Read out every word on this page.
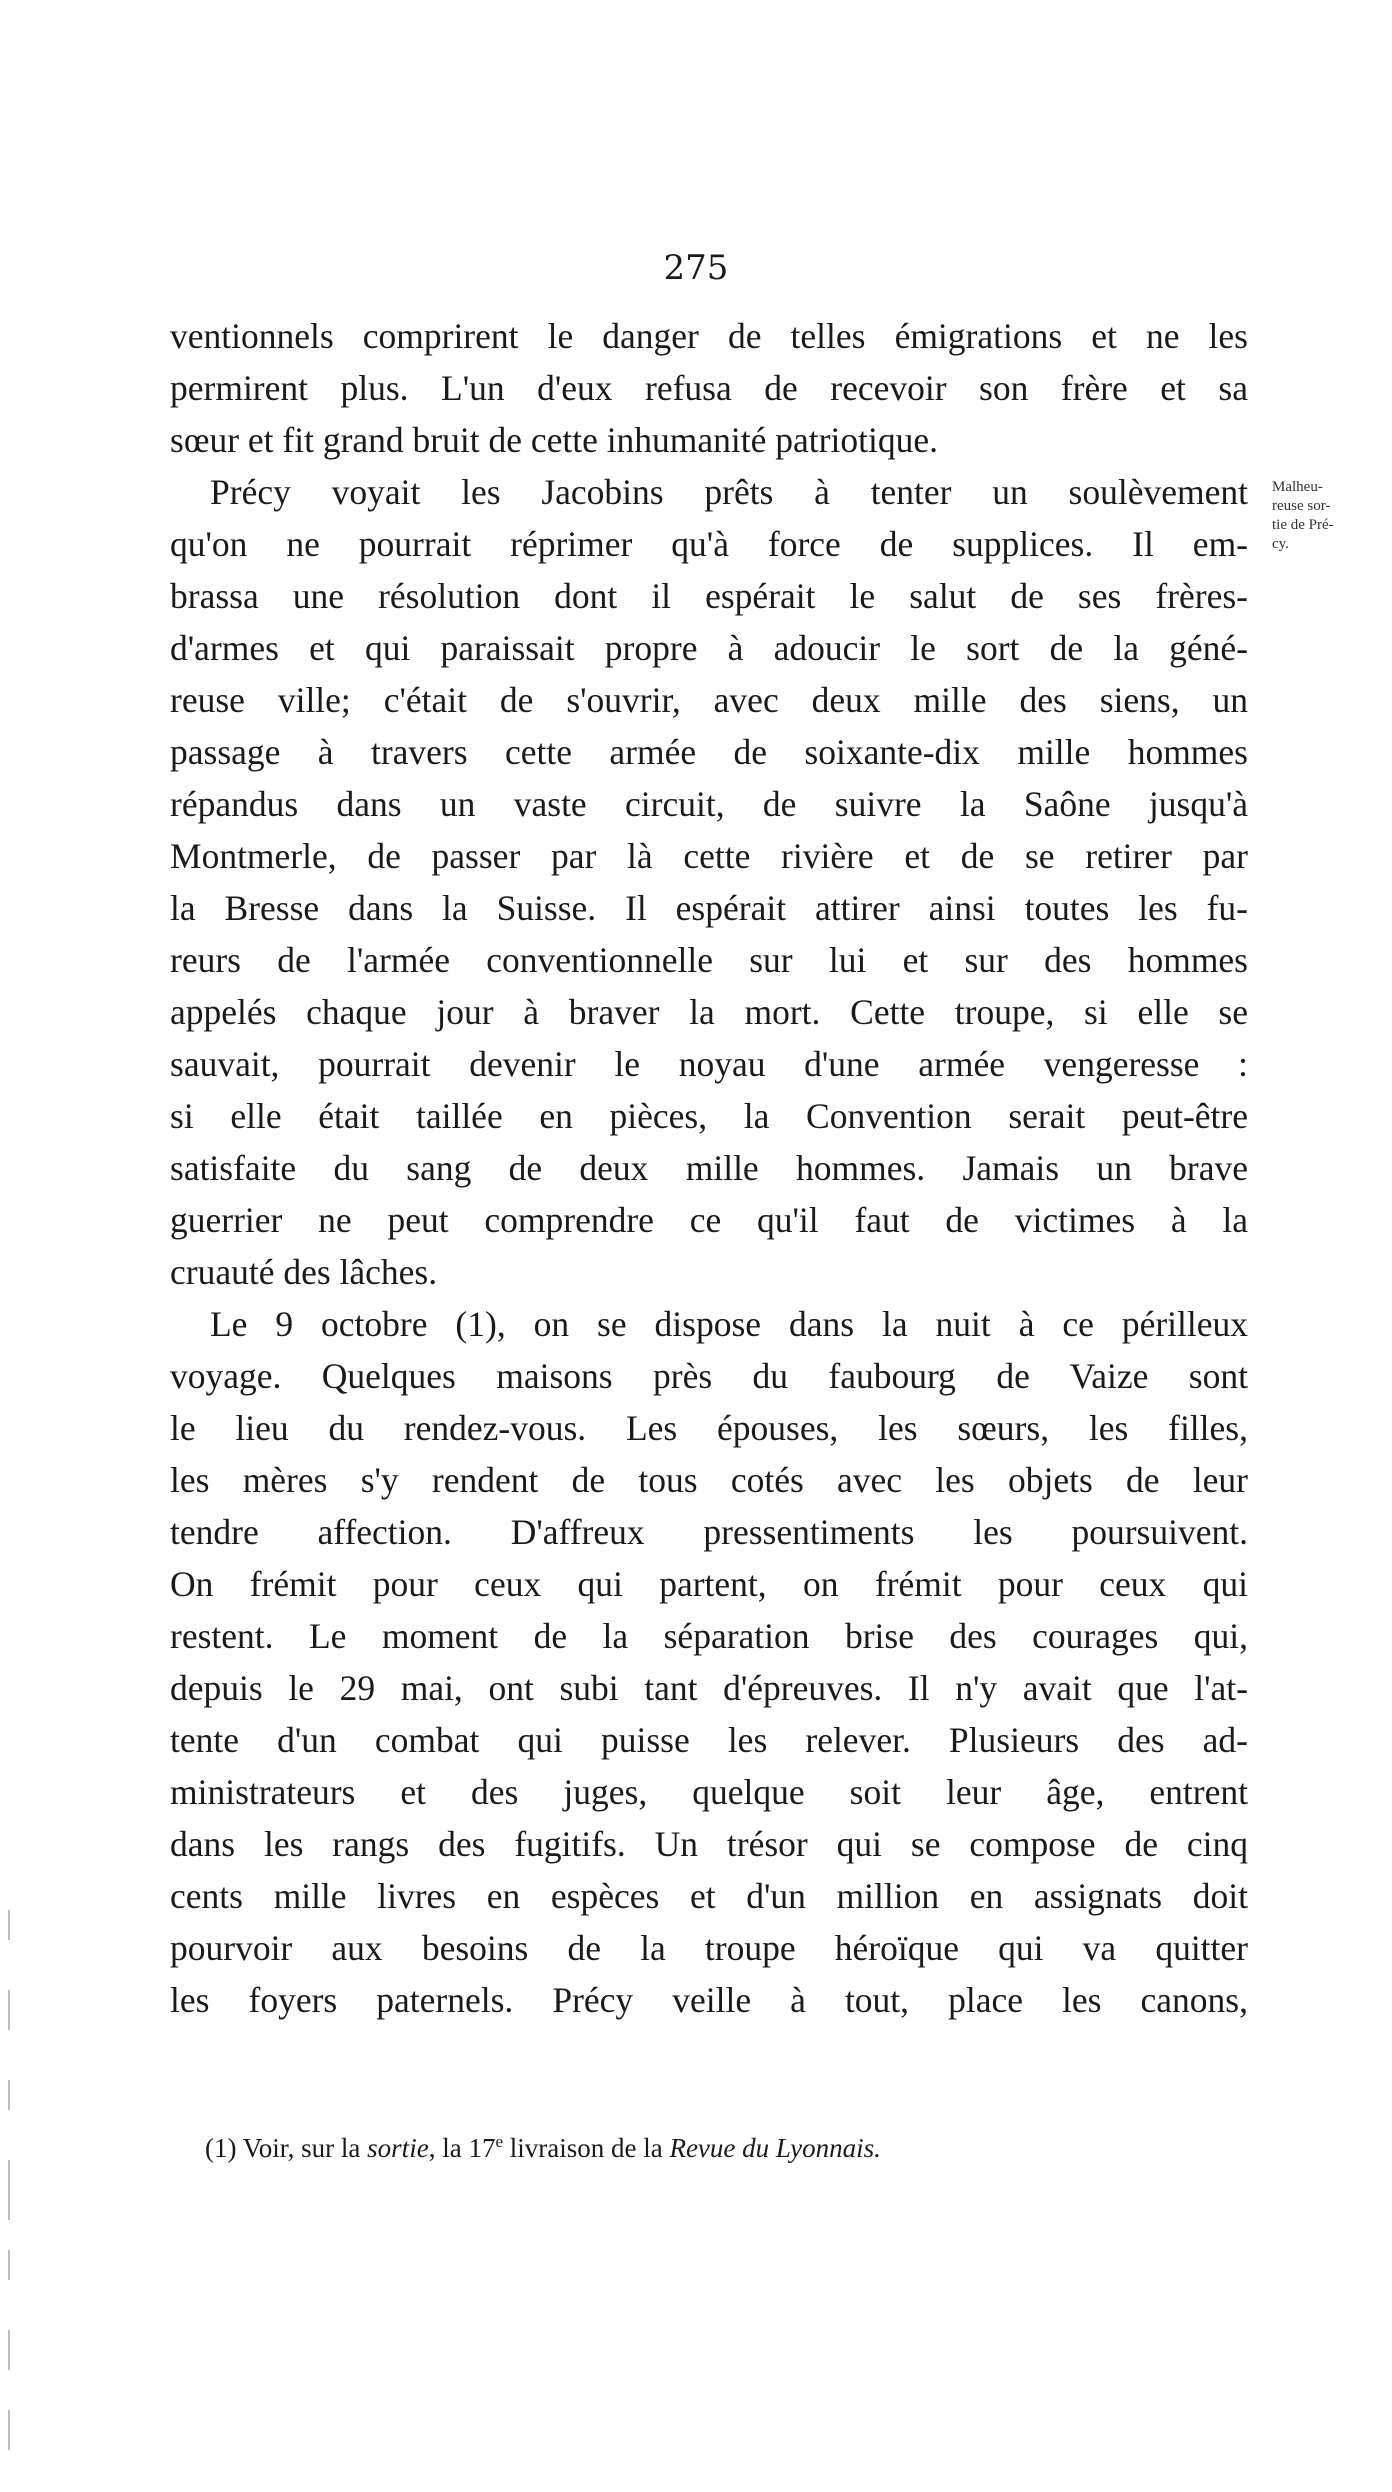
275
Malheu-
reuse sor-
tie de Pré-
cy.
ventionnels comprirent le danger de telles émigrations et ne les
permirent plus. L'un d'eux refusa de recevoir son frère et sa
sœur et fit grand bruit de cette inhumanité patriotique.
Précy voyait les Jacobins prêts à tenter un soulèvement
qu'on ne pourrait réprimer qu'à force de supplices. Il em-
brassa une résolution dont il espérait le salut de ses frères-
d'armes et qui paraissait propre à adoucir le sort de la géné-
reuse ville; c'était de s'ouvrir, avec deux mille des siens, un
passage à travers cette armée de soixante-dix mille hommes
répandus dans un vaste circuit, de suivre la Saône jusqu'à
Montmerle, de passer par là cette rivière et de se retirer par
la Bresse dans la Suisse. Il espérait attirer ainsi toutes les fu-
reurs de l'armée conventionnelle sur lui et sur des hommes
appelés chaque jour à braver la mort. Cette troupe, si elle se
sauvait, pourrait devenir le noyau d'une armée vengeresse :
si elle était taillée en pièces, la Convention serait peut-être
satisfaite du sang de deux mille hommes. Jamais un brave
guerrier ne peut comprendre ce qu'il faut de victimes à la
cruauté des lâches.
Le 9 octobre (1), on se dispose dans la nuit à ce périlleux
voyage. Quelques maisons près du faubourg de Vaize sont
le lieu du rendez-vous. Les épouses, les sœurs, les filles,
les mères s'y rendent de tous cotés avec les objets de leur
tendre affection. D'affreux pressentiments les poursuivent.
On frémit pour ceux qui partent, on frémit pour ceux qui
restent. Le moment de la séparation brise des courages qui,
depuis le 29 mai, ont subi tant d'épreuves. Il n'y avait que l'at-
tente d'un combat qui puisse les relever. Plusieurs des ad-
ministrateurs et des juges, quelque soit leur âge, entrent
dans les rangs des fugitifs. Un trésor qui se compose de cinq
cents mille livres en espèces et d'un million en assignats doit
pourvoir aux besoins de la troupe héroïque qui va quitter
les foyers paternels. Précy veille à tout, place les canons,
(1) Voir, sur la sortie, la 17e livraison de la Revue du Lyonnais.
